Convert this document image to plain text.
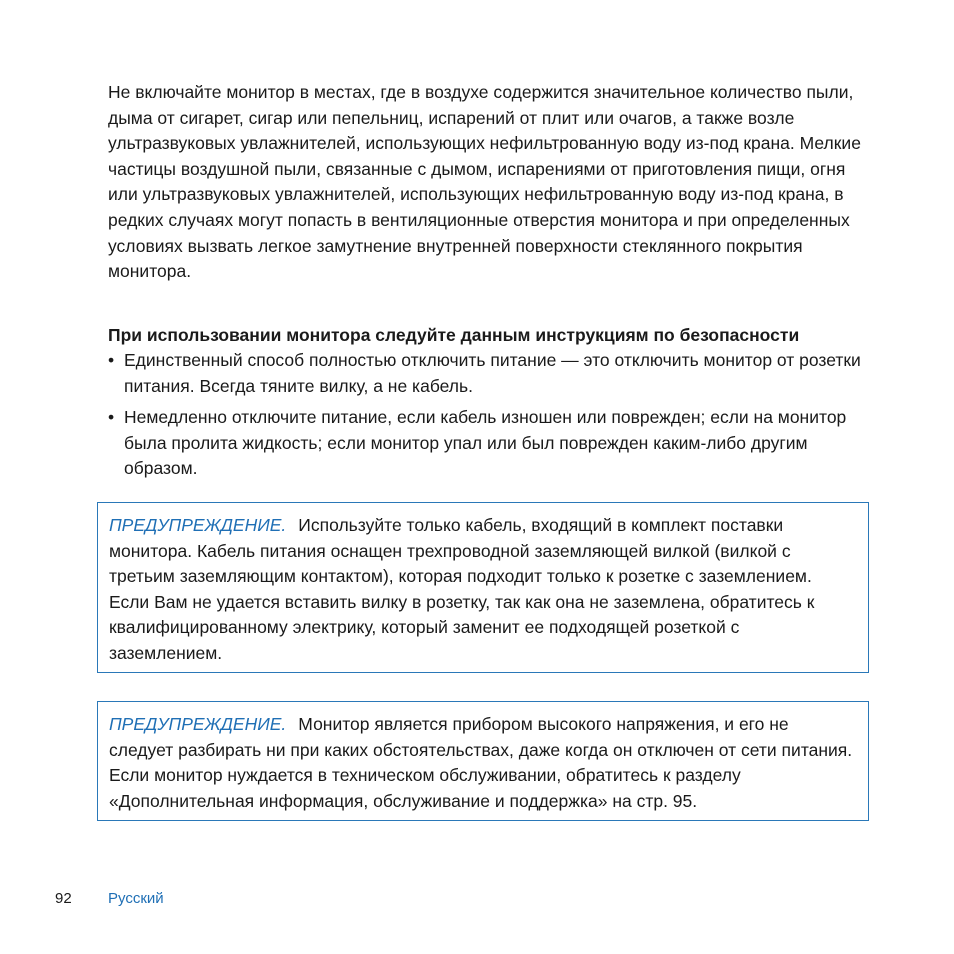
Не включайте монитор в местах, где в воздухе содержится значительное количество пыли, дыма от сигарет, сигар или пепельниц, испарений от плит или очагов, а также возле ультразвуковых увлажнителей, использующих нефильтрованную воду из-под крана. Мелкие частицы воздушной пыли, связанные с дымом, испарениями от приготовления пищи, огня или ультразвуковых увлажнителей, использующих нефильтрованную воду из-под крана, в редких случаях могут попасть в вентиляционные отверстия монитора и при определенных условиях вызвать легкое замутнение внутренней поверхности стеклянного покрытия монитора.

При использовании монитора следуйте данным инструкциям по безопасности

• Единственный способ полностью отключить питание — это отключить монитор от розетки питания. Всегда тяните вилку, а не кабель.
• Немедленно отключите питание, если кабель изношен или поврежден; если на монитор была пролита жидкость; если монитор упал или был поврежден каким-либо другим образом.
ПРЕДУПРЕЖДЕНИЕ. Используйте только кабель, входящий в комплект поставки монитора. Кабель питания оснащен трехпроводной заземляющей вилкой (вилкой с третьим заземляющим контактом), которая подходит только к розетке с заземлением. Если Вам не удается вставить вилку в розетку, так как она не заземлена, обратитесь к квалифицированному электрику, который заменит ее подходящей розеткой с заземлением.
ПРЕДУПРЕЖДЕНИЕ. Монитор является прибором высокого напряжения, и его не следует разбирать ни при каких обстоятельствах, даже когда он отключен от сети питания. Если монитор нуждается в техническом обслуживании, обратитесь к разделу «Дополнительная информация, обслуживание и поддержка» на стр. 95.
92 Русский
